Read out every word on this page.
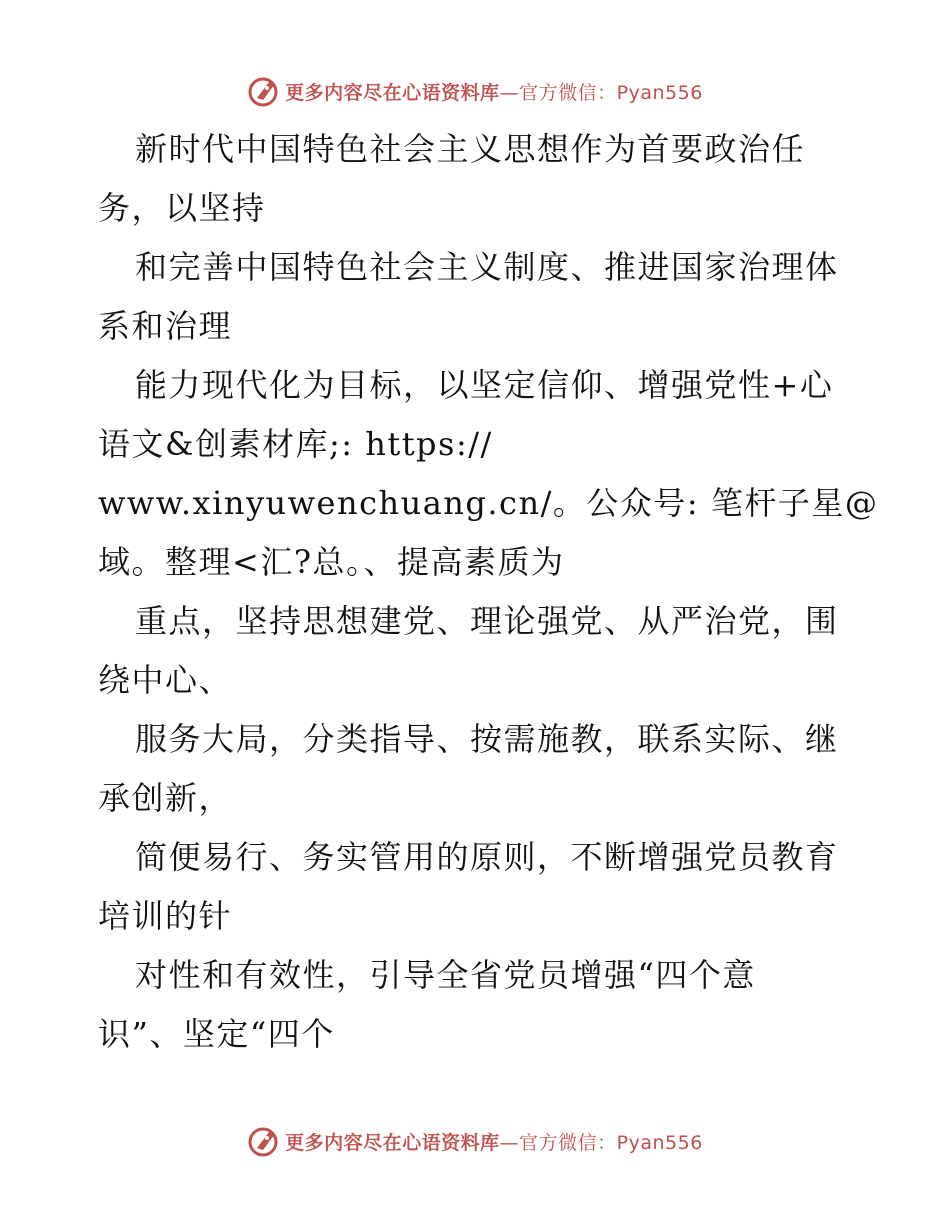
更多内容尽在心语资料库—官方微信：Pyan556
新时代中国特色社会主义思想作为首要政治任
务，以坚持
和完善中国特色社会主义制度、推进国家治理体
系和治理
能力现代化为目标，以坚定信仰、增强党性+心
语文&创素材库;: https://
www.xinyuwenchuang.cn/。公众号: 笔杆子星@
域。整理<汇?总。、提高素质为
重点，坚持思想建党、理论强党、从严治党，围
绕中心、
服务大局，分类指导、按需施教，联系实际、继
承创新，
简便易行、务实管用的原则，不断增强党员教育
培训的针
对性和有效性，引导全省党员增强“四个意
识”、坚定“四个
更多内容尽在心语资料库—官方微信：Pyan556
